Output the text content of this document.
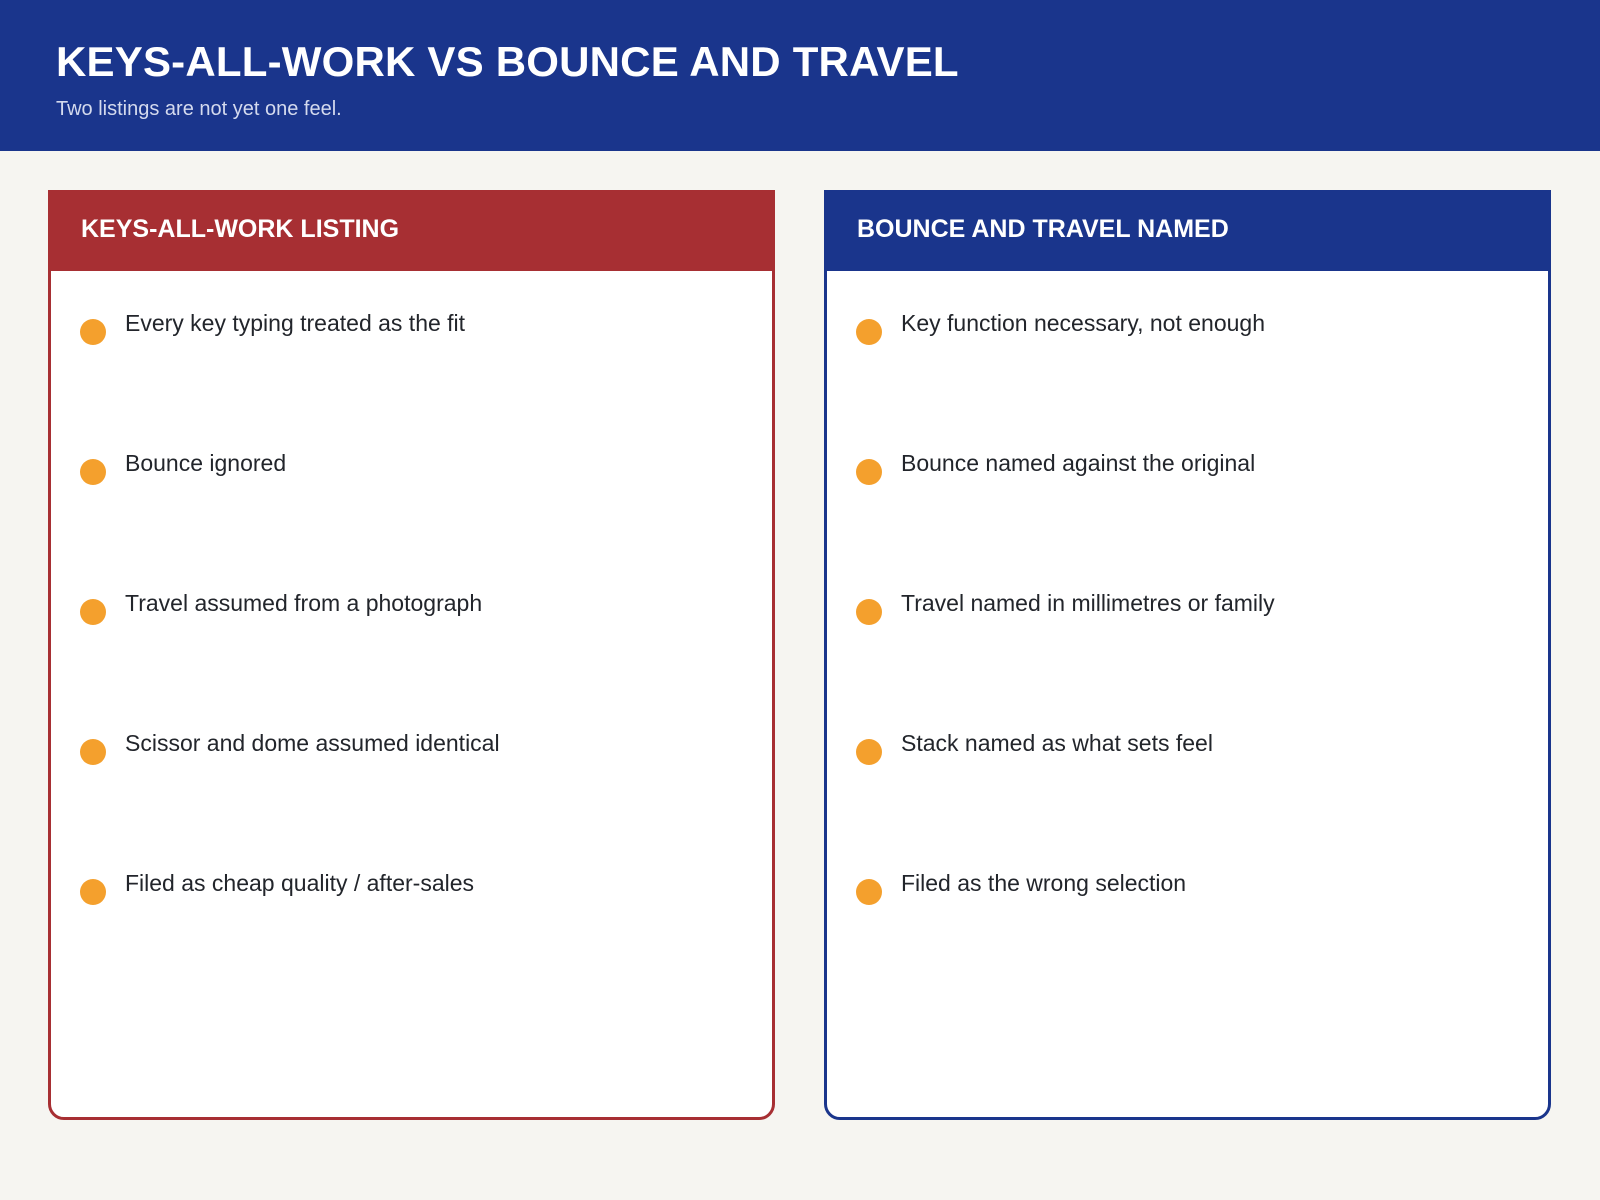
KEYS-ALL-WORK VS BOUNCE AND TRAVEL

Two listings are not yet one feel.

KEYS-ALL-WORK LISTING
Every key typing treated as the fit
Bounce ignored
Travel assumed from a photograph
Scissor and dome assumed identical
Filed as cheap quality / after-sales
BOUNCE AND TRAVEL NAMED
Key function necessary, not enough
Bounce named against the original
Travel named in millimetres or family
Stack named as what sets feel
Filed as the wrong selection
